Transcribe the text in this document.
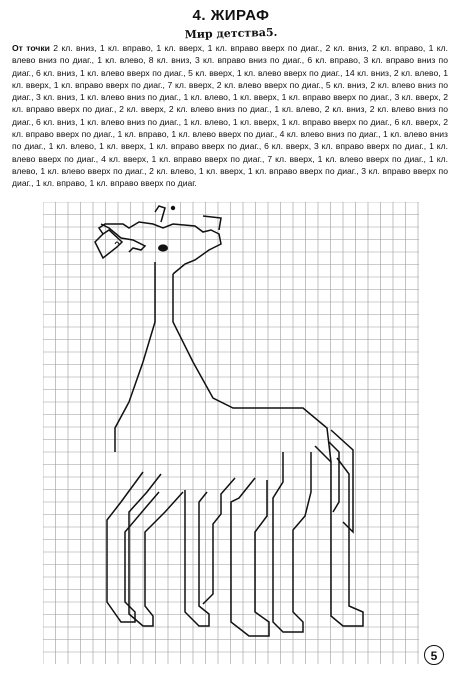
4. ЖИРАФ
Мир детства5.

От точки 2 кл. вниз, 1 кл. вправо, 1 кл. вверх, 1 кл. вправо вверх по диаг., 2 кл. вниз, 2 кл. вправо, 1 кл. влево вниз по диаг., 1 кл. влево, 8 кл. вниз, 3 кл. вправо вниз по диаг., 6 кл. вправо, 3 кл. вправо вниз по диаг., 6 кл. вниз, 1 кл. влево вверх по диаг., 5 кл. вверх, 1 кл. влево вверх по диаг., 14 кл. вниз, 2 кл. влево, 1 кл. вверх, 1 кл. вправо вверх по диаг., 7 кл. вверх, 2 кл. влево вверх по диаг., 5 кл. вниз, 2 кл. влево вниз по диаг., 3 кл. вниз, 1 кл. влево вниз по диаг., 1 кл. влево, 1 кл. вверх, 1 кл. вправо вверх по диаг., 3 кл. вверх, 2 кл. вправо вверх по диаг., 2 кл. вверх, 2 кл. влево вниз по диаг., 1 кл. влево, 2 кл. вниз, 2 кл. влево вниз по диаг., 6 кл. вниз, 1 кл. влево вниз по диаг., 1 кл. влево, 1 кл. вверх, 1 кл. вправо вверх по диаг., 6 кл. вверх, 2 кл. вправо вверх по диаг., 1 кл. вправо, 1 кл. влево вверх по диаг., 4 кл. влево вниз по диаг., 1 кл. влево вниз по диаг., 1 кл. влево, 1 кл. вверх, 1 кл. вправо вверх по диаг., 6 кл. вверх, 3 кл. вправо вверх по диаг., 1 кл. влево вверх по диаг., 4 кл. вверх, 1 кл. вправо вверх по диаг., 7 кл. вверх, 1 кл. влево вверх по диаг., 1 кл. влево, 1 кл. влево вверх по диаг., 2 кл. влево, 1 кл. вверх, 1 кл. вправо вверх по диаг., 3 кл. вправо вверх по диаг., 1 кл. вправо, 1 кл. вправо вверх по диаг.

5
